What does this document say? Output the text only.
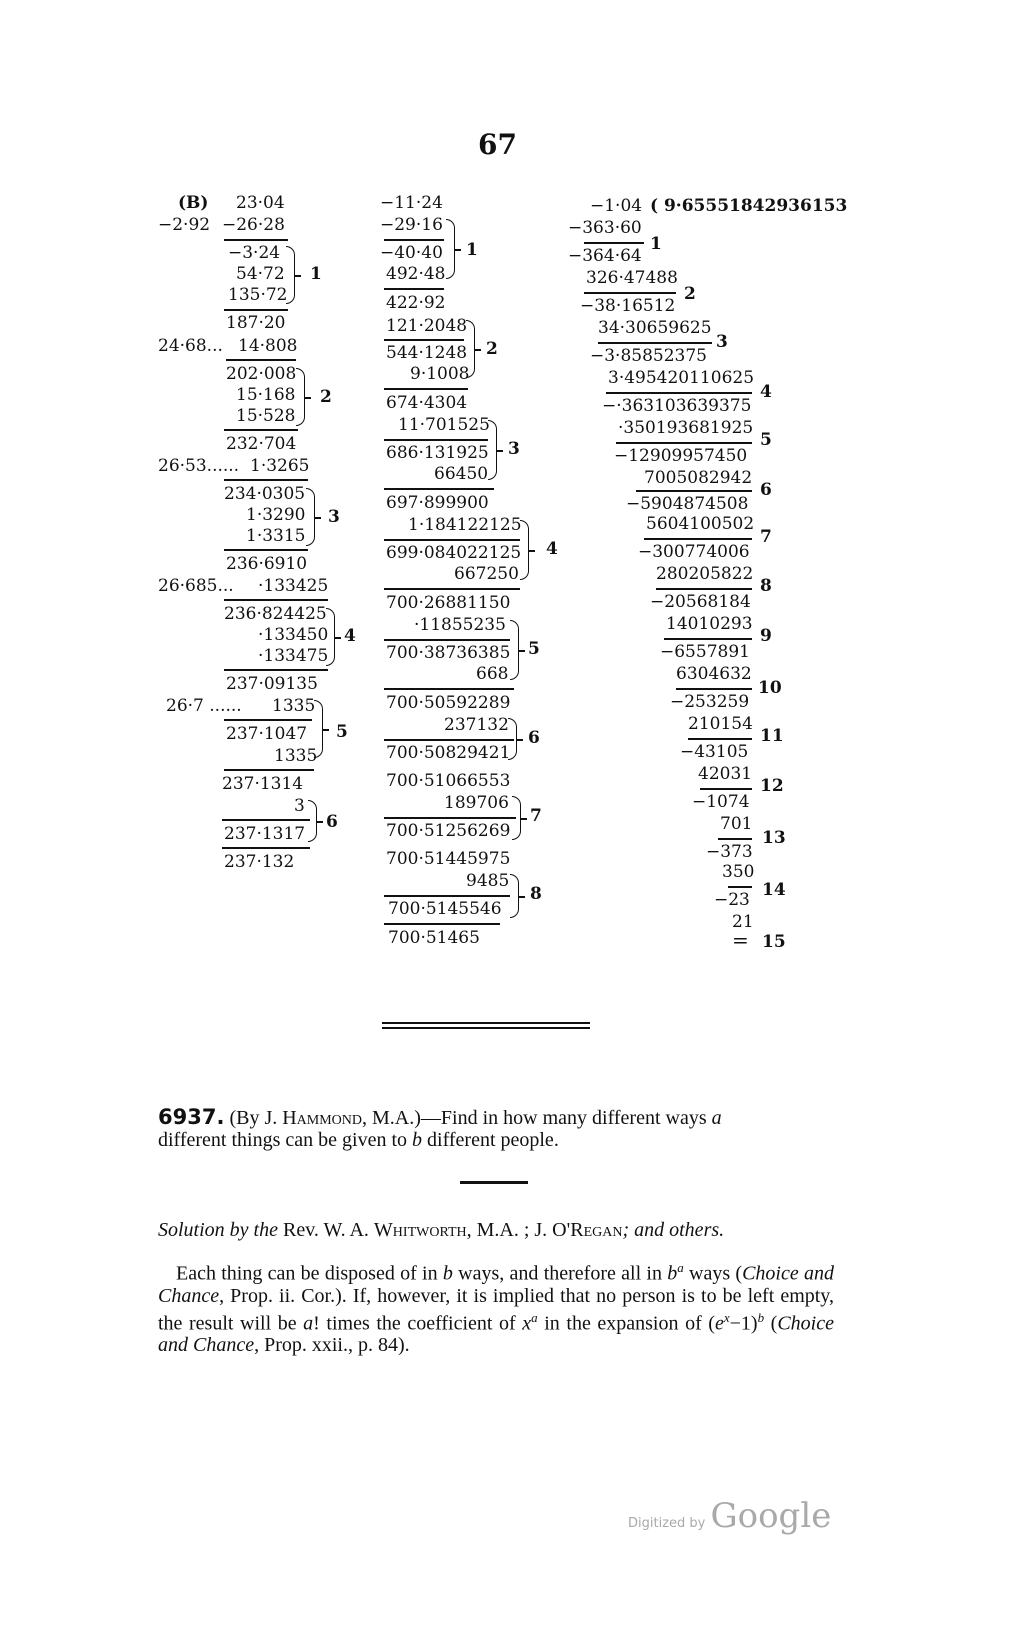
67
(B) 23·04
−2·92 −26·28
−3·24
54·72
135·72
1
187·20
24·68... 14·808
202·008
15·168
15·528
2
232·704
26·53...... 1·3265
234·0305
1·3290
1·3315
3
236·6910
26·685... ·133425
236·824425
·133450
·133475
4
237·09135
26·7 ...... 1335
237·1047 5
1335
237·1314
3
6
237·1317
237·132
−11·24
−29·16
−40·40
492·48
1
422·92
121·2048
544·1248
9·1008
2
674·4304
11·701525
686·131925
66450
3
697·899900
1·184122125
699·084022125
667250
4
700·26881150
·11855235
700·38736385
668
5
700·50592289
237132
700·50829421
6
700·51066553
189706
700·51256269
7
700·51445975
9485
700·5145546
8
700·51465
−1·04 ( 9·65551842936153
−363·60
1
−364·64
326·47488
2
−38·16512
34·30659625
3
−3·85852375
3·495420110625
4
−·363103639375
·350193681925
5
−12909957450
7005082942
6
−5904874508
5604100502
7
−300774006
280205822
8
−20568184
14010293
9
−6557891
6304632
10
−253259
210154
11
−43105
42031
12
−1074
701
13
−373
350
14
−23
21
= 15
6937. (By J. Hammond, M.A.)—Find in how many different ways a
different things can be given to b different people.
Solution by the Rev. W. A. Whitworth, M.A. ; J. O'Regan; and others.
Each thing can be disposed of in b ways, and therefore all in $b^a$ ways (Choice and Chance, Prop. ii. Cor.). If, however, it is implied that no person is to be left empty, the result will be a! times the coefficient of $x^a$ in the expansion of $(e^x-1)^b$ (Choice and Chance, Prop. xxii., p. 84).
Digitized by Google
